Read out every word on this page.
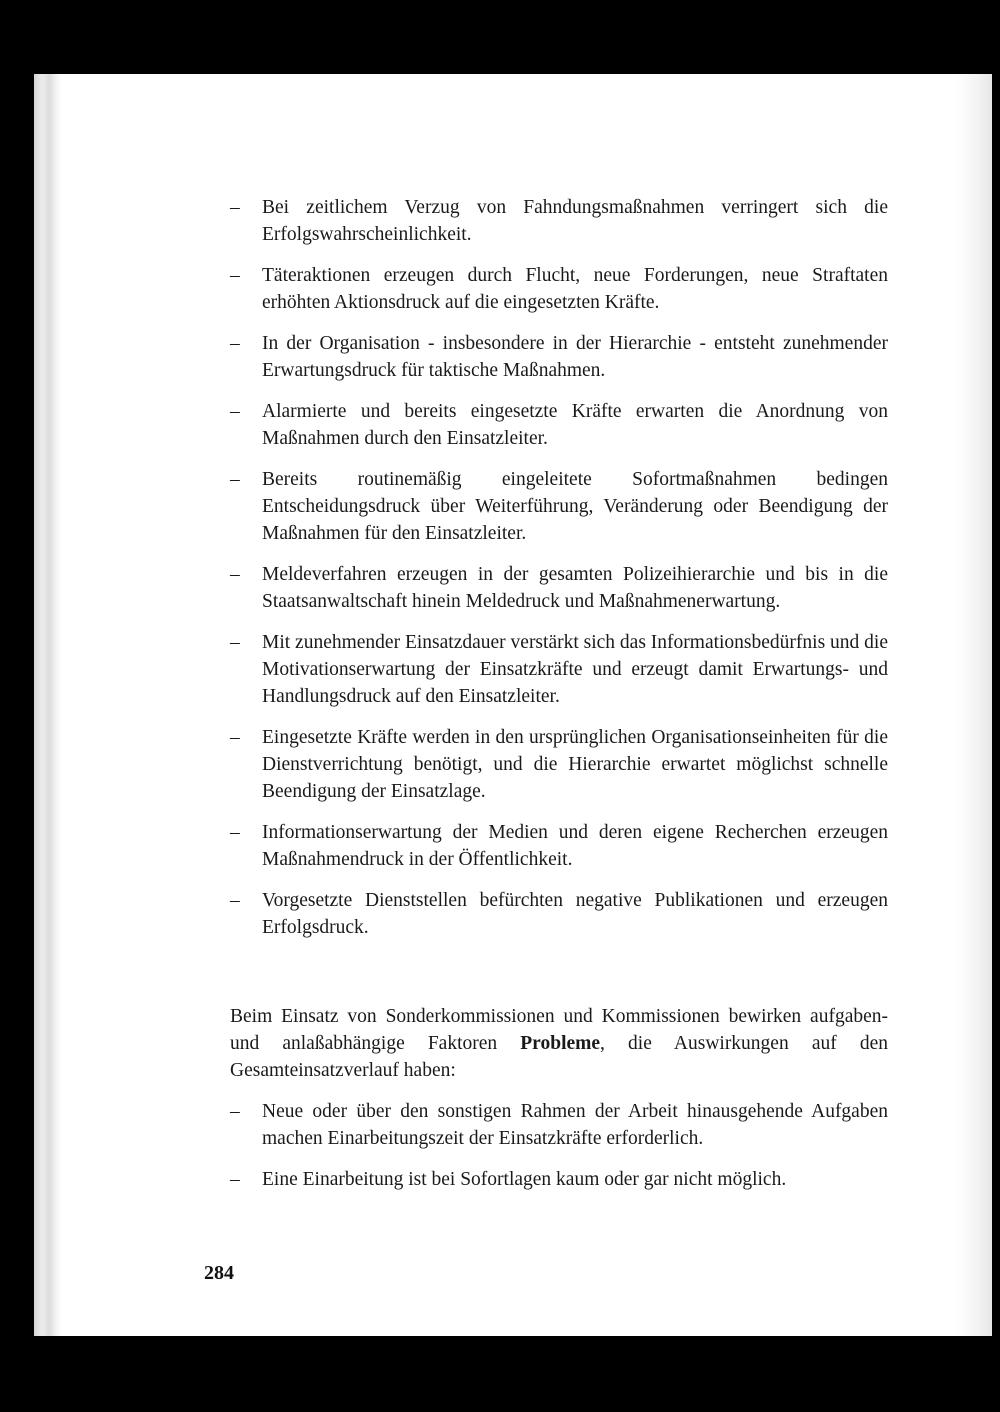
– Bei zeitlichem Verzug von Fahndungsmaßnahmen verringert sich die Erfolgswahrscheinlichkeit.

– Täteraktionen erzeugen durch Flucht, neue Forderungen, neue Straftaten erhöhten Aktionsdruck auf die eingesetzten Kräfte.

– In der Organisation - insbesondere in der Hierarchie - entsteht zunehmender Erwartungsdruck für taktische Maßnahmen.

– Alarmierte und bereits eingesetzte Kräfte erwarten die Anordnung von Maßnahmen durch den Einsatzleiter.

– Bereits routinemäßig eingeleitete Sofortmaßnahmen bedingen Entscheidungsdruck über Weiterführung, Veränderung oder Beendigung der Maßnahmen für den Einsatzleiter.

– Meldeverfahren erzeugen in der gesamten Polizeihierarchie und bis in die Staatsanwaltschaft hinein Meldedruck und Maßnahmenerwartung.

– Mit zunehmender Einsatzdauer verstärkt sich das Informationsbedürfnis und die Motivationserwartung der Einsatzkräfte und erzeugt damit Erwartungs- und Handlungsdruck auf den Einsatzleiter.

– Eingesetzte Kräfte werden in den ursprünglichen Organisationseinheiten für die Dienstverrichtung benötigt, und die Hierarchie erwartet möglichst schnelle Beendigung der Einsatzlage.

– Informationserwartung der Medien und deren eigene Recherchen erzeugen Maßnahmendruck in der Öffentlichkeit.

– Vorgesetzte Dienststellen befürchten negative Publikationen und erzeugen Erfolgsdruck.

Beim Einsatz von Sonderkommissionen und Kommissionen bewirken aufgaben- und anlaßabhängige Faktoren Probleme, die Auswirkungen auf den Gesamteinsatzverlauf haben:

– Neue oder über den sonstigen Rahmen der Arbeit hinausgehende Aufgaben machen Einarbeitungszeit der Einsatzkräfte erforderlich.

– Eine Einarbeitung ist bei Sofortlagen kaum oder gar nicht möglich.

284
